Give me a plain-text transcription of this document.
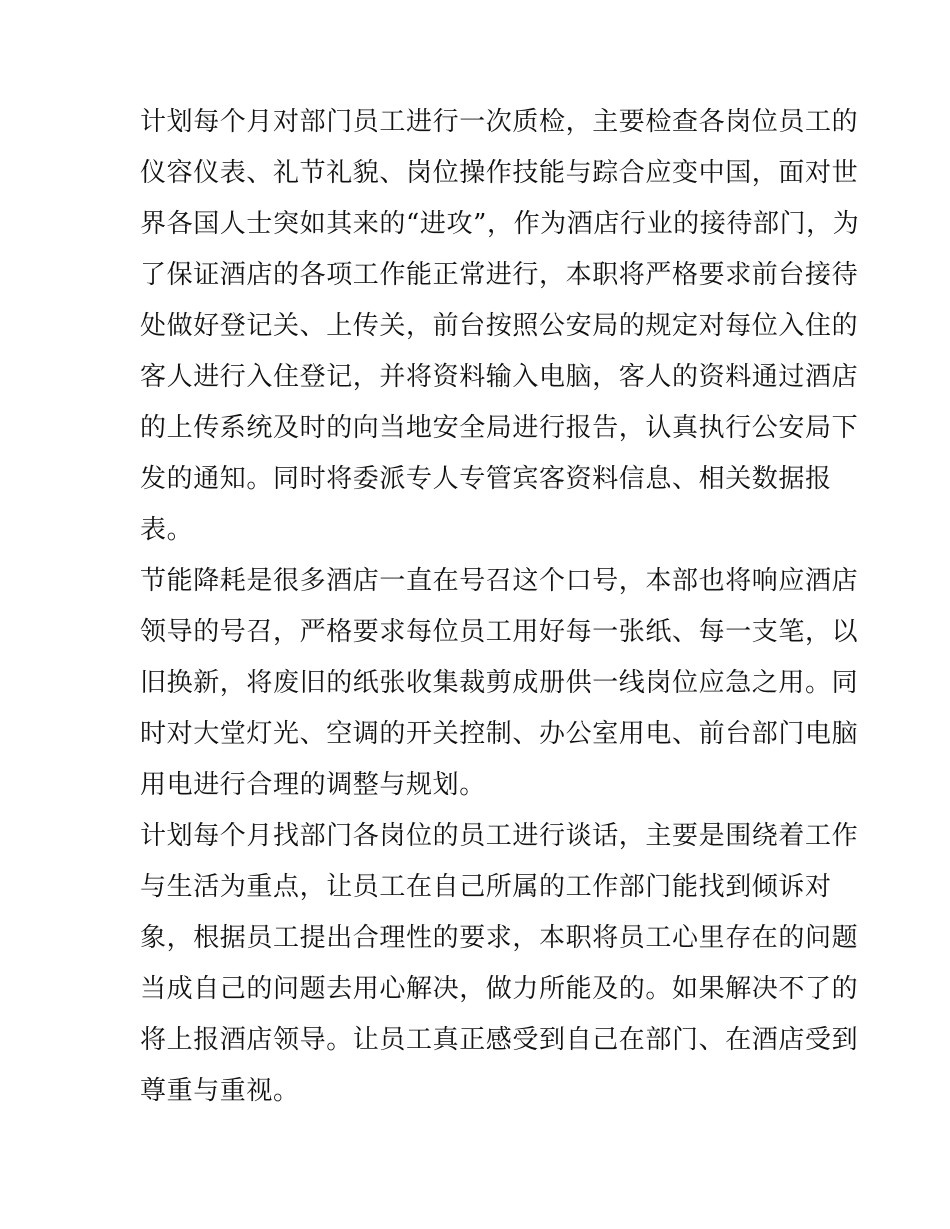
计划每个月对部门员工进行一次质检，主要检查各岗位员工的
仪容仪表、礼节礼貌、岗位操作技能与踪合应变中国，面对世
界各国人士突如其来的“进攻”，作为酒店行业的接待部门，为
了保证酒店的各项工作能正常进行，本职将严格要求前台接待
处做好登记关、上传关，前台按照公安局的规定对每位入住的
客人进行入住登记，并将资料输入电脑，客人的资料通过酒店
的上传系统及时的向当地安全局进行报告，认真执行公安局下
发的通知。同时将委派专人专管宾客资料信息、相关数据报
表。
节能降耗是很多酒店一直在号召这个口号，本部也将响应酒店
领导的号召，严格要求每位员工用好每一张纸、每一支笔，以
旧换新，将废旧的纸张收集裁剪成册供一线岗位应急之用。同
时对大堂灯光、空调的开关控制、办公室用电、前台部门电脑
用电进行合理的调整与规划。
计划每个月找部门各岗位的员工进行谈话，主要是围绕着工作
与生活为重点，让员工在自己所属的工作部门能找到倾诉对
象，根据员工提出合理性的要求，本职将员工心里存在的问题
当成自己的问题去用心解决，做力所能及的。如果解决不了的
将上报酒店领导。让员工真正感受到自己在部门、在酒店受到
尊重与重视。
